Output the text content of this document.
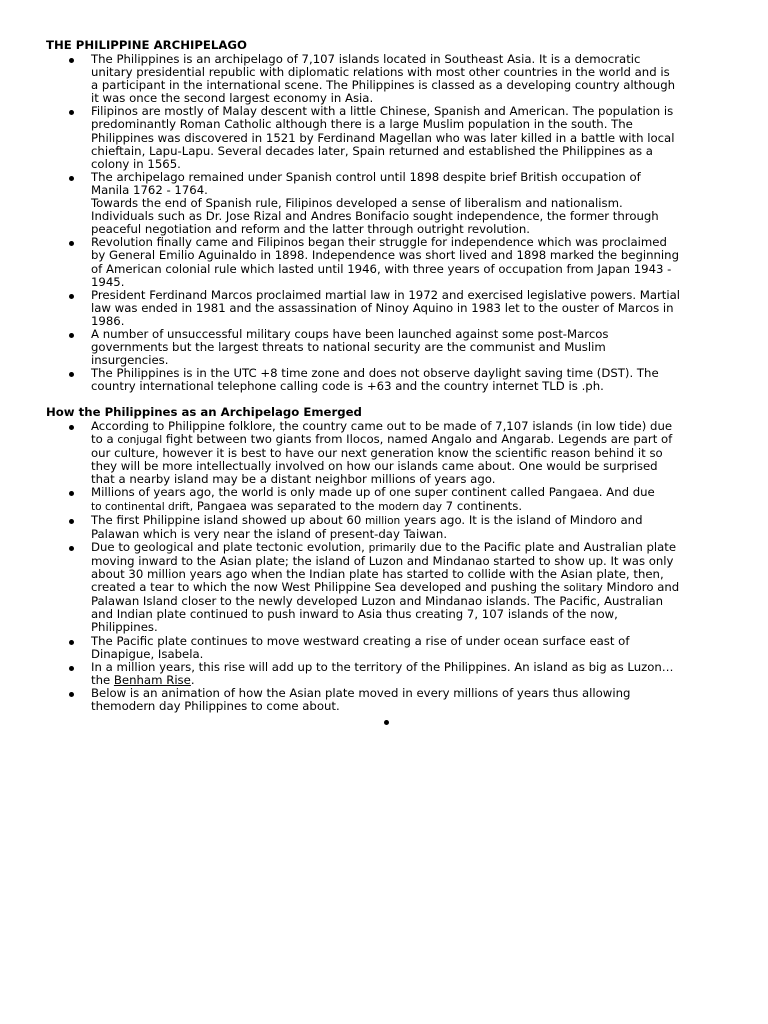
THE PHILIPPINE ARCHIPELAGO
The Philippines is an archipelago of 7,107 islands located in Southeast Asia. It is a democratic
unitary presidential republic with diplomatic relations with most other countries in the world and is
a participant in the international scene. The Philippines is classed as a developing country although
it was once the second largest economy in Asia.
Filipinos are mostly of Malay descent with a little Chinese, Spanish and American. The population is
predominantly Roman Catholic although there is a large Muslim population in the south. The
Philippines was discovered in 1521 by Ferdinand Magellan who was later killed in a battle with local
chieftain, Lapu-Lapu. Several decades later, Spain returned and established the Philippines as a
colony in 1565.
The archipelago remained under Spanish control until 1898 despite brief British occupation of
Manila 1762 - 1764.
Towards the end of Spanish rule, Filipinos developed a sense of liberalism and nationalism.
Individuals such as Dr. Jose Rizal and Andres Bonifacio sought independence, the former through
peaceful negotiation and reform and the latter through outright revolution.
Revolution finally came and Filipinos began their struggle for independence which was proclaimed
by General Emilio Aguinaldo in 1898. Independence was short lived and 1898 marked the beginning
of American colonial rule which lasted until 1946, with three years of occupation from Japan 1943 -
1945.
President Ferdinand Marcos proclaimed martial law in 1972 and exercised legislative powers. Martial
law was ended in 1981 and the assassination of Ninoy Aquino in 1983 let to the ouster of Marcos in
1986.
A number of unsuccessful military coups have been launched against some post-Marcos
governments but the largest threats to national security are the communist and Muslim
insurgencies.
The Philippines is in the UTC +8 time zone and does not observe daylight saving time (DST). The
country international telephone calling code is +63 and the country internet TLD is .ph.
How the Philippines as an Archipelago Emerged
According to Philippine folklore, the country came out to be made of 7,107 islands (in low tide) due
to a conjugal fight between two giants from Ilocos, named Angalo and Angarab. Legends are part of
our culture, however it is best to have our next generation know the scientific reason behind it so
they will be more intellectually involved on how our islands came about. One would be surprised
that a nearby island may be a distant neighbor millions of years ago.
Millions of years ago, the world is only made up of one super continent called Pangaea. And due
to continental drift, Pangaea was separated to the modern day 7 continents.
The first Philippine island showed up about 60 million years ago. It is the island of Mindoro and
Palawan which is very near the island of present-day Taiwan.
Due to geological and plate tectonic evolution, primarily due to the Pacific plate and Australian plate
moving inward to the Asian plate; the island of Luzon and Mindanao started to show up. It was only
about 30 million years ago when the Indian plate has started to collide with the Asian plate, then,
created a tear to which the now West Philippine Sea developed and pushing the solitary Mindoro and
Palawan Island closer to the newly developed Luzon and Mindanao islands. The Pacific, Australian
and Indian plate continued to push inward to Asia thus creating 7, 107 islands of the now,
Philippines.
The Pacific plate continues to move westward creating a rise of under ocean surface east of
Dinapigue, Isabela.
In a million years, this rise will add up to the territory of the Philippines. An island as big as Luzon…
the Benham Rise.
Below is an animation of how the Asian plate moved in every millions of years thus allowing
themodern day Philippines to come about.
